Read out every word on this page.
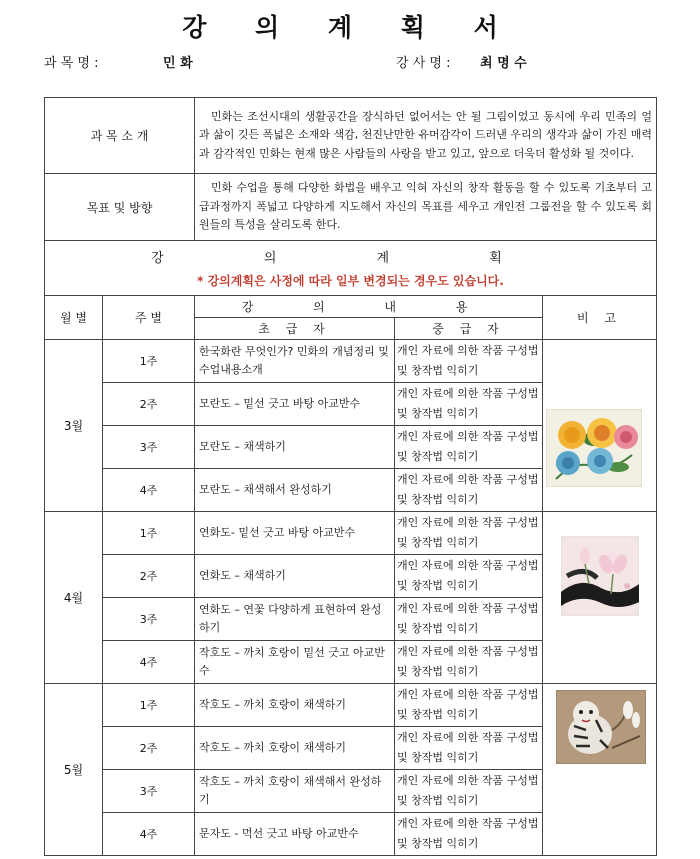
강 의 계 획 서
과 목 명 :	민 화	강 사 명 : 최 명 수
과 목 소 개		민화는 조선시대의 생활공간을 장식하던 없어서는 안 될 그림이었고 동시에 우리 민족의 얼과 삶이 깃든 폭넓은 소재와 색감, 천진난만한 유머감각이 드러낸 우리의 생각과 삶이 가진 매력과 감각적인 민화는 현재 많은 사람들의 사랑을 받고 있고, 앞으로 더욱더 활성화 될 것이다.		
목표 및 방향		민화 수업을 통해 다양한 화법을 배우고 익혀 자신의 창작 활동을 할 수 있도록 기초부터 고급과정까지 폭넓고 다양하게 지도해서 자신의 목표를 세우고 개인전 그룹전을 할 수 있도록 회원들의 특성을 살리도록 한다.		

강 의 계 획
* 강의계획은 사정에 따라 일부 변경되는 경우도 있습니다.				

월 별	주 별	강 의 내 용		비 고
		초 급 자	중 급 자	
3월	1주	한국화란 무엇인가? 민화의 개념정리 및 수업내용소개	개인 자료에 의한 작품 구성법 및 창작법 익히기	
	2주	모란도 – 밑선 긋고 바탕 아교반수	개인 자료에 의한 작품 구성법 및 창작법 익히기	
	3주	모란도 – 채색하기	개인 자료에 의한 작품 구성법 및 창작법 익히기	
	4주	모란도 – 채색해서 완성하기	개인 자료에 의한 작품 구성법 및 창작법 익히기	
4월	1주	연화도- 밑선 긋고 바탕 아교반수	개인 자료에 의한 작품 구성법 및 창작법 익히기	
	2주	연화도 – 채색하기	개인 자료에 의한 작품 구성법 및 창작법 익히기	
	3주	연화도 – 연꽃 다양하게 표현하여 완성하기	개인 자료에 의한 작품 구성법 및 창작법 익히기	
	4주	작호도 – 까치 호랑이 밑선 긋고 아교반수	개인 자료에 의한 작품 구성법 및 창작법 익히기	
5월	1주	작호도 – 까치 호랑이 채색하기	개인 자료에 의한 작품 구성법 및 창작법 익히기	
	2주	작호도 – 까치 호랑이 채색하기	개인 자료에 의한 작품 구성법 및 창작법 익히기	
	3주	작호도 – 까치 호랑이 채색해서 완성하기	개인 자료에 의한 작품 구성법 및 창작법 익히기	
	4주	문자도 - 먹선 긋고 바탕 아교반수	개인 자료에 의한 작품 구성법 및 창작법 익히기	
